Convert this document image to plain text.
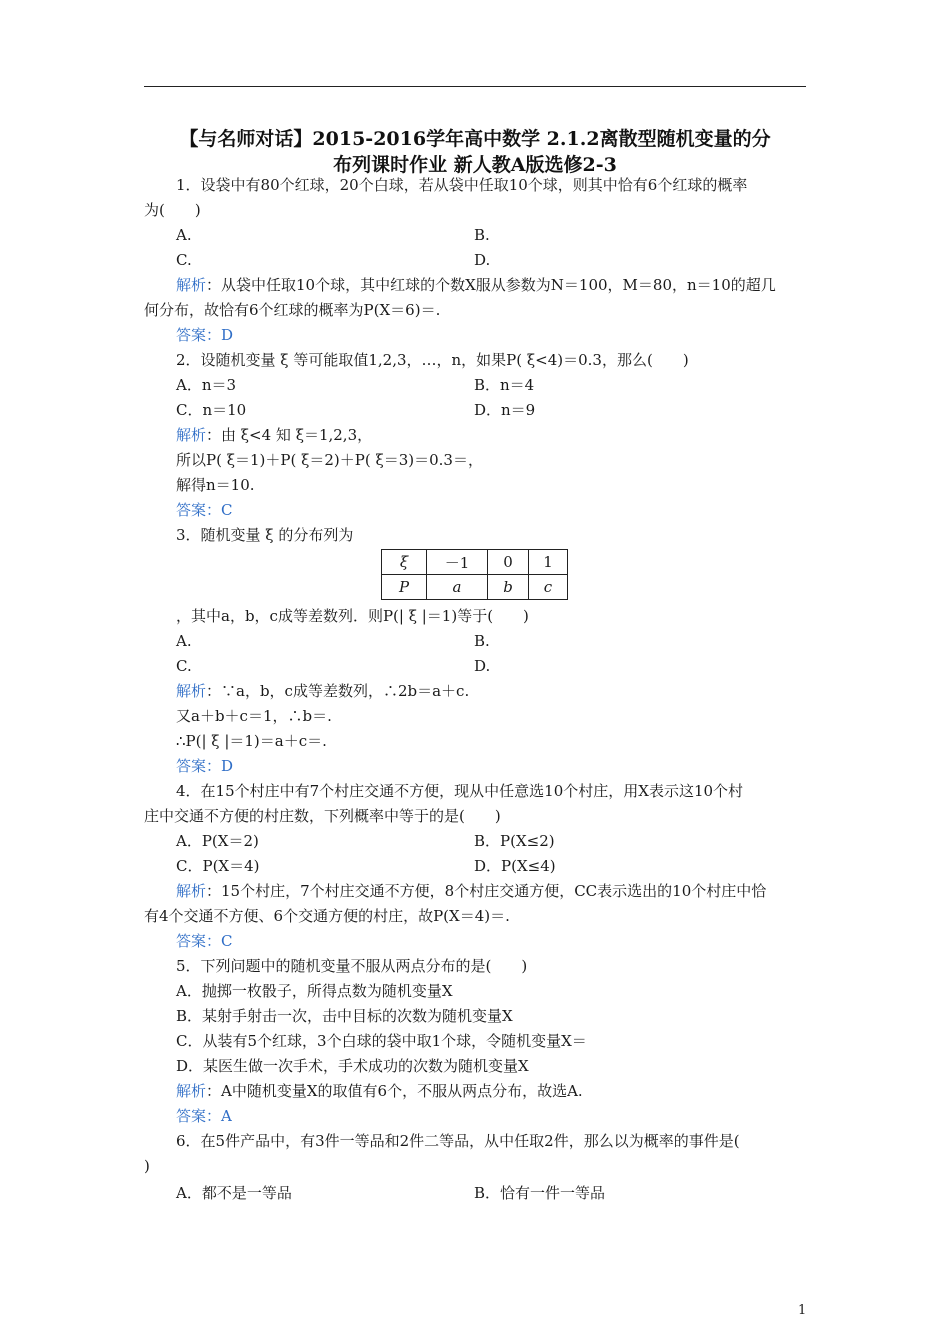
【与名师对话】2015-2016学年高中数学 2.1.2离散型随机变量的分
布列课时作业 新人教A版选修2-3
1．设袋中有80个红球，20个白球，若从袋中任取10个球，则其中恰有6个红球的概率
为(　　)
A.	B.
C.	D.
解析：从袋中任取10个球，其中红球的个数X服从参数为N＝100，M＝80，n＝10的超几
何分布，故恰有6个红球的概率为P(X＝6)＝.
答案：D
2．设随机变量 ξ 等可能取值1,2,3，…，n，如果P( ξ<4)＝0.3，那么(　　)
A．n＝3	B．n＝4
C．n＝10	D．n＝9
解析：由 ξ<4 知 ξ＝1,2,3，
所以P( ξ＝1)＋P( ξ＝2)＋P( ξ＝3)＝0.3＝，
解得n＝10.
答案：C
3．随机变量 ξ 的分布列为
ξ	－1	0	1
P	a	b	c
，其中a，b，c成等差数列．则P(| ξ |＝1)等于(　　)
A.	B.
C.	D.
解析：∵a，b，c成等差数列，∴2b＝a＋c.
又a＋b＋c＝1，∴b＝.
∴P(| ξ |＝1)＝a＋c＝.
答案：D
4．在15个村庄中有7个村庄交通不方便，现从中任意选10个村庄，用X表示这10个村
庄中交通不方便的村庄数，下列概率中等于的是(　　)
A．P(X＝2)	B．P(X≤2)
C．P(X＝4)	D．P(X≤4)
解析：15个村庄，7个村庄交通不方便，8个村庄交通方便，CC表示选出的10个村庄中恰
有4个交通不方便、6个交通方便的村庄，故P(X＝4)＝.
答案：C
5．下列问题中的随机变量不服从两点分布的是(　　)
A．抛掷一枚骰子，所得点数为随机变量X
B．某射手射击一次，击中目标的次数为随机变量X
C．从装有5个红球，3个白球的袋中取1个球，令随机变量X＝
D．某医生做一次手术，手术成功的次数为随机变量X
解析：A中随机变量X的取值有6个，不服从两点分布，故选A.
答案：A
6．在5件产品中，有3件一等品和2件二等品，从中任取2件，那么以为概率的事件是(
)
A．都不是一等品	B．恰有一件一等品
1
